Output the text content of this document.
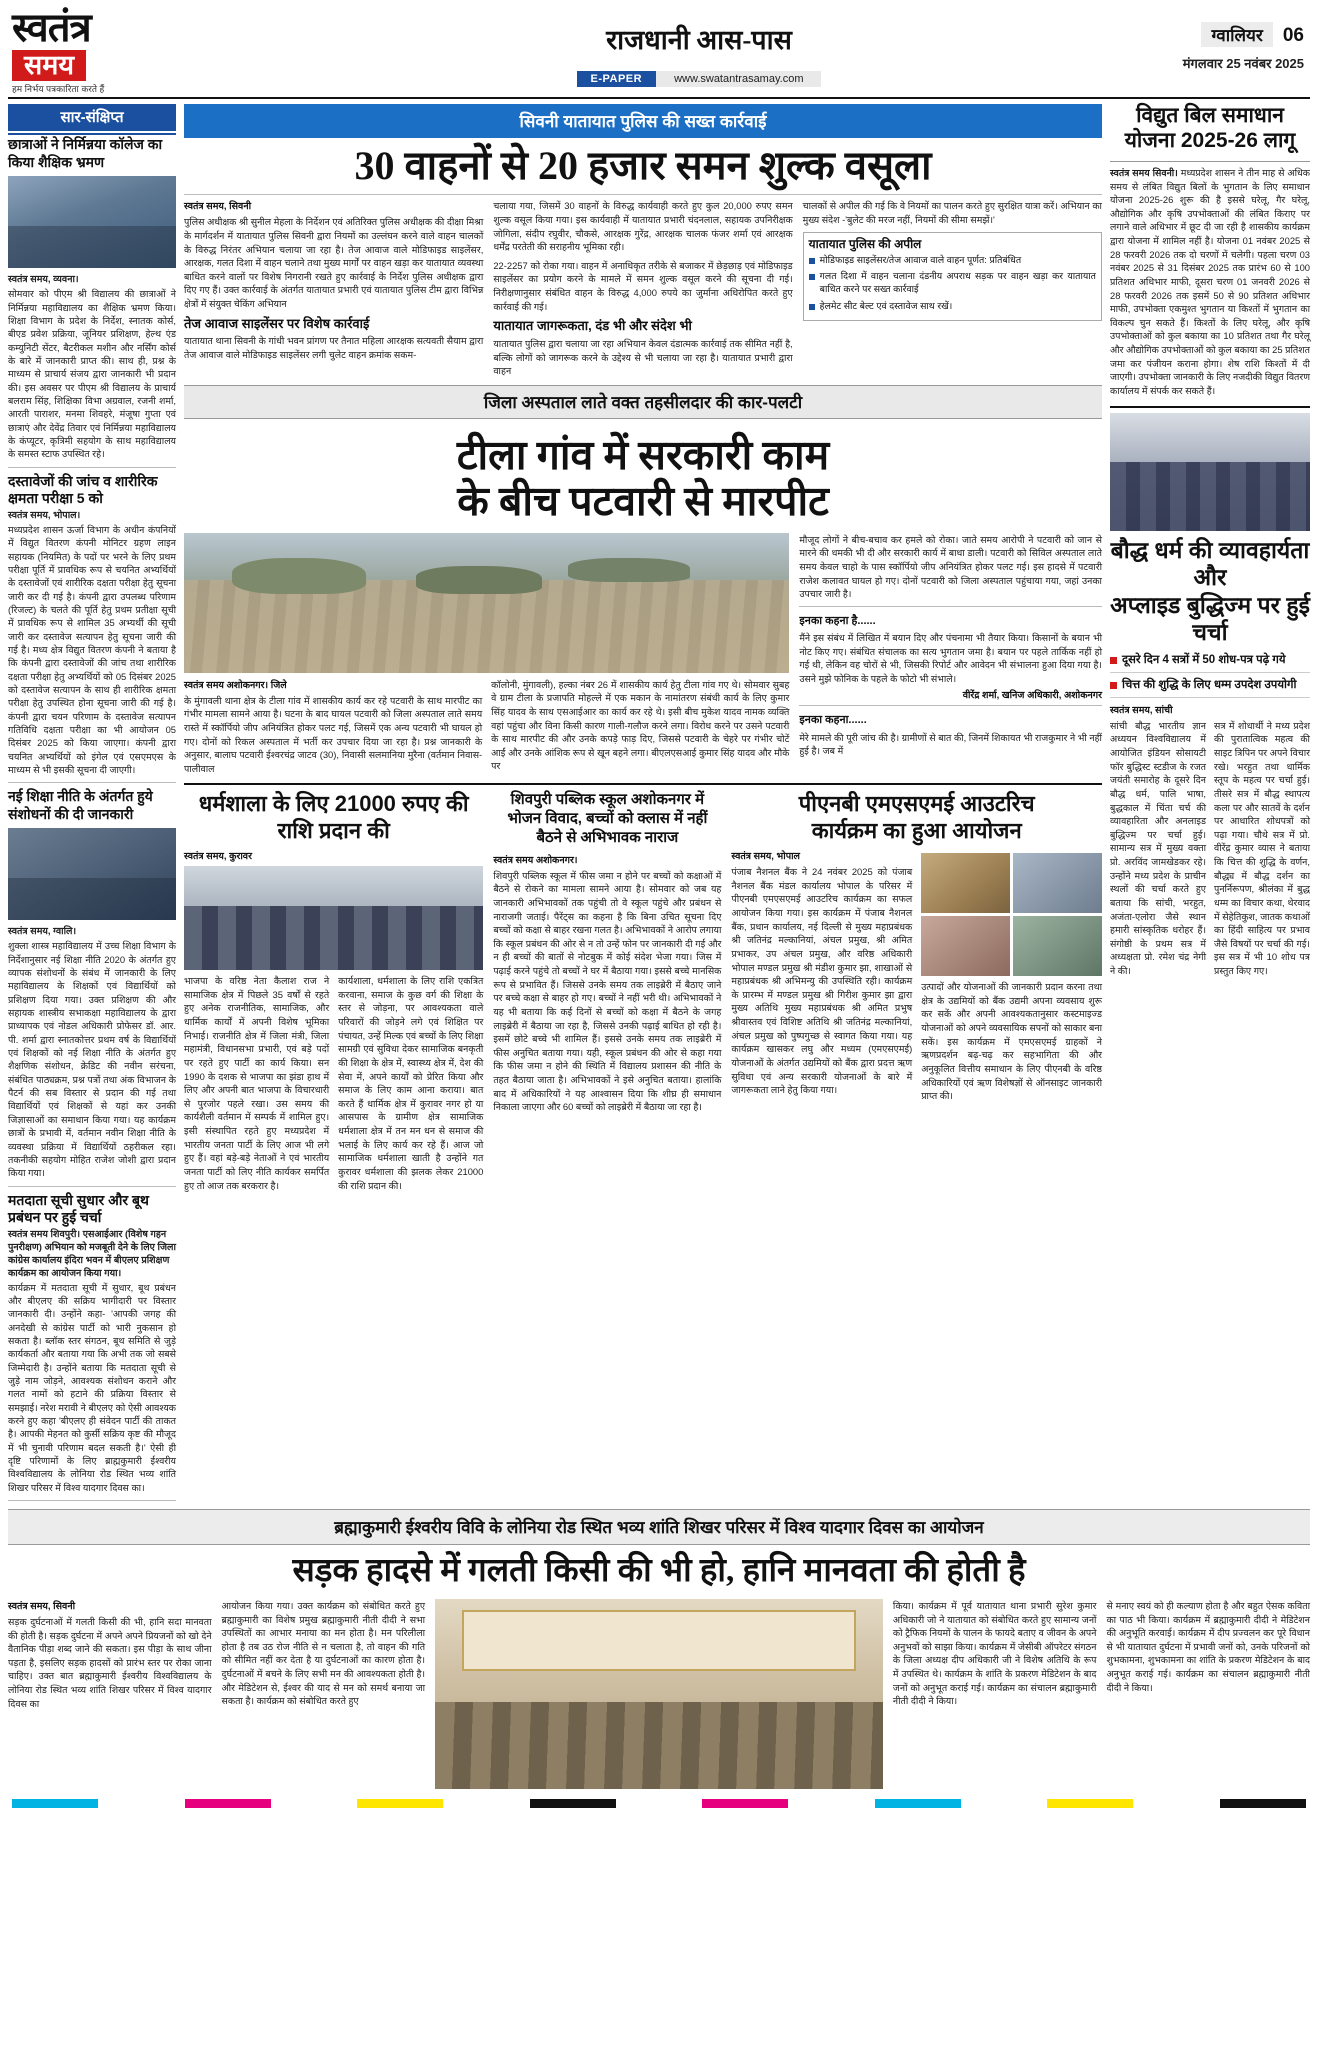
स्वतंत्र
समय
हम निर्भय पत्रकारिता करते हैं
राजधानी आस-पास
E-PAPER	www.swatantrasamay.com
ग्वालियर	06
मंगलवार 25 नवंबर 2025
सार-संक्षिप्त
छात्राओं ने निर्मिन्नया कॉलेज का किया शैक्षिक भ्रमण
स्वतंत्र समय, व्यवना।
सोमवार को पीएम श्री विद्यालय की छात्राओं ने निर्मिन्नया महाविद्यालय का शैक्षिक भ्रमण किया। शिक्षा विभाग के प्रदेश के निर्देश, स्नातक कोर्स, बीएड प्रवेश प्रक्रिया, जूनियर प्रशिक्षण, हेल्थ एंड कम्युनिटी सेंटर, बैटरीकल मशीन और नर्सिंग कोर्स के बारे में जानकारी प्राप्त की। साथ ही, प्रश्न के माध्यम से प्राचार्य संजय द्वारा जानकारी भी प्रदान की। इस अवसर पर पीएम श्री विद्यालय के प्राचार्य बलराम सिंह, शिक्षिका विभा अग्रवाल, रजनी शर्मा, आरती पाराशर, मनमा शिवहरे, मंजूषा गुप्ता एवं छात्राएं और देवेंद्र तिवार एवं निर्मिन्नया महाविद्यालय के कंप्यूटर, कृत्रिमी सहयोग के साथ महाविद्यालय के समस्त स्टाफ उपस्थित रहे।
दस्तावेजों की जांच व शारीरिक क्षमता परीक्षा 5 को
स्वतंत्र समय, भोपाल।
मध्यप्रदेश शासन ऊर्जा विभाग के अधीन कंपनियों में विद्युत वितरण कंपनी मोनिटर ग्रहण लाइन सहायक (नियमित) के पदों पर भरने के लिए प्रथम परीक्षा पूर्ति में प्रावधिक रूप से चयनित अभ्यर्थियों के दस्तावेजों एवं शारीरिक दक्षता परीक्षा हेतु सूचना जारी कर दी गई है। कंपनी द्वारा उपलब्ध परिणाम (रिजल्ट) के चलते की पूर्ति हेतु प्रथम प्रतीक्षा सूची में प्रावधिक रूप से शामिल 35 अभ्यर्थी की सूची जारी कर दस्तावेज सत्यापन हेतु सूचना जारी की गई है। मध्य क्षेत्र विद्युत वितरण कंपनी ने बताया है कि कंपनी द्वारा दस्तावेजों की जांच तथा शारीरिक दक्षता परीक्षा हेतु अभ्यर्थियों को 05 दिसंबर 2025 को दस्तावेज सत्यापन के साथ ही शारीरिक क्षमता परीक्षा हेतु उपस्थित होना सूचना जारी की गई है। कंपनी द्वारा चयन परिणाम के दस्तावेज सत्यापन गतिविधि दक्षता परीक्षा का भी आयोजन 05 दिसंबर 2025 को किया जाएगा। कंपनी द्वारा चयनित अभ्यर्थियों को इंगेल एवं एसएमएस के माध्यम से भी इसकी सूचना दी जाएगी।
नई शिक्षा नीति के अंतर्गत हुये संशोधनों की दी जानकारी
स्वतंत्र समय, ग्वालि।
शुक्ला शास्त्र महाविद्यालय में उच्च शिक्षा विभाग के निर्देशानुसार नई शिक्षा नीति 2020 के अंतर्गत हुए व्यापक संशोधनों के संबंध में जानकारी के लिए महाविद्यालय के शिक्षकों एवं विद्यार्थियों को प्रशिक्षण दिया गया। उक्त प्रशिक्षण की और सहायक शास्त्रीय सभाकक्षा महाविद्यालय के द्वारा प्राध्यापक एवं नोडल अधिकारी प्रोफेसर डॉ. आर. पी. शर्मा द्वारा स्नातकोत्तर प्रथम वर्ष के विद्यार्थियों एवं शिक्षकों को नई शिक्षा नीति के अंतर्गत हुए शैक्षणिक संशोधन, क्रेडिट की नवीन सरंचना, संबंधित पाठ्यक्रम, प्रश्न पत्रों तथा अंक विभाजन के पैटर्न की सब विस्तार से प्रदान की गई तथा विद्यार्थियों एवं शिक्षकों से यहां कर उनकी जिज्ञासाओं का समाधान किया गया। यह कार्यक्रम छात्रों के प्रभावी में, वर्तमान नवीन शिक्षा नीति के व्यवस्था प्रक्रिया में विद्यार्थियों ठहरीकल रहा। तकनीकी सहयोग मोहित राजेश जोशी द्वारा प्रदान किया गया।
मतदाता सूची सुधार और बूथ प्रबंधन पर हुई चर्चा
स्वतंत्र समय शिवपुरी। एसआईआर (विशेष गहन पुनरीक्षण) अभियान को मजबूती देने के लिए जिला कांग्रेस कार्यालय इंदिरा भवन में बीएलए प्रशिक्षण कार्यक्रम का आयोजन किया गया।
कार्यक्रम में मतदाता सूची में सुधार, बूथ प्रबंधन और बीएलए की सक्रिय भागीदारी पर विस्तार जानकारी दी। उन्होंने कहा- 'आपकी जगह की अनदेखी से कांग्रेस पार्टी को भारी नुकसान हो सकता है। ब्लॉक स्तर संगठन, बूथ समिति से जुड़े कार्यकर्ता और बताया गया कि अभी तक जो सबसे जिम्मेदारी है। उन्होंने बताया कि मतदाता सूची से जुड़े नाम जोड़ने, आवश्यक संशोधन कराने और गलत नामों को हटाने की प्रक्रिया विस्तार से समझाई। नरेश मरावी ने बीएलए को ऐसी आवश्यक करने हुए कहा 'बीएलए ही संवेदन पार्टी की ताकत है। आपकी मेहनत को कुर्सी सक्रिय कृष्ट की मौजूद में भी चुनावी परिणाम बदल सकती है।' ऐसी ही दृष्टि परिणामों के लिए ब्राह्मकुमारी ईश्वरीय विश्वविद्यालय के लोनिया रोड स्थित भव्य शांति शिखर परिसर में विश्व यादगार दिवस का।
सिवनी यातायात पुलिस की सख्त कार्रवाई
30 वाहनों से 20 हजार समन शुल्क वसूला
स्वतंत्र समय, सिवनी
पुलिस अधीक्षक श्री सुनील मेहला के निर्देशन एवं अतिरिक्त पुलिस अधीक्षक की दीक्षा मिश्रा के मार्गदर्शन में यातायात पुलिस सिवनी द्वारा नियमों का उल्लंघन करने वाले वाहन चालकों के विरुद्ध निरंतर अभियान चलाया जा रहा है। तेज आवाज वाले मोडिफाइड साइलेंसर, आरक्षक, गलत दिशा में वाहन चलाने तथा मुख्य मार्गों पर वाहन खड़ा कर यातायात व्यवस्था बाधित करने वालों पर विशेष निगरानी रखते हुए कार्रवाई के निर्देश पुलिस अधीक्षक द्वारा दिए गए हैं। उक्त कार्रवाई के अंतर्गत यातायात प्रभारी एवं यातायात पुलिस टीम द्वारा विभिन्न क्षेत्रों में संयुक्त चेकिंग अभियान
तेज आवाज साइलेंसर पर विशेष कार्रवाई
यातायात थाना सिवनी के गांधी भवन प्रांगण पर तैनात महिला आरक्षक सत्यवती सैयाम द्वारा तेज आवाज वाले मोडिफाइड साइलेंसर लगी चुलेट वाहन क्रमांक सकम-
चलाया गया, जिसमें 30 वाहनों के विरुद्ध कार्यवाही करते हुए कुल 20,000 रुपए समन शुल्क वसूल किया गया। इस कार्यवाही में यातायात प्रभारी चंदनलाल, सहायक उपनिरीक्षक जोगिला, संदीप रघुवीर, चौकसे, आरक्षक गुरेंद्र, आरक्षक चालक फंजर शर्मा एवं आरक्षक धर्मेंद्र परतेती की सराहनीय भूमिका रही।
22-2257 को रोका गया। वाहन में अनाधिकृत तरीके से बजाकर में छेड़छाड़ एवं मोडिफाइड साइलेंसर का प्रयोग करने के मामले में समन शुल्क वसूल करने की सूचना दी गई। निरीक्षणानुसार संबंधित वाहन के विरुद्ध 4,000 रुपये का जुर्माना अधिरोपित करते हुए कार्रवाई की गई।
यातायात जागरूकता, दंड भी और संदेश भी
यातायात पुलिस द्वारा चलाया जा रहा अभियान केवल दंडात्मक कार्रवाई तक सीमित नहीं है, बल्कि लोगों को जागरूक करने के उद्देश्य से भी चलाया जा रहा है। यातायात प्रभारी द्वारा वाहन
चालकों से अपील की गई कि वे नियमों का पालन करते हुए सुरक्षित यात्रा करें। अभियान का मुख्य संदेश -'बुलेट की मरज नहीं, नियमों की सीमा समझें।'
यातायात पुलिस की अपील
मोडिफाइड साइलेंसर/तेज आवाज वाले वाहन पूर्णत: प्रतिबंधित
गलत दिशा में वाहन चलाना दंडनीय अपराध सड़क पर वाहन खड़ा कर यातायात बाधित करने पर सख्त कार्रवाई
हेलमेट सीट बेल्ट एवं दस्तावेज साथ रखें।
जिला अस्पताल लाते वक्त तहसीलदार की कार-पलटी
टीला गांव में सरकारी काम
के बीच पटवारी से मारपीट
स्वतंत्र समय अशोकनगर। जिले
के मुंगावली थाना क्षेत्र के टीला गांव में शासकीय कार्य कर रहे पटवारी के साथ मारपीट का गंभीर मामला सामने आया है। घटना के बाद घायल पटवारी को जिला अस्पताल लाते समय रास्ते में स्कॉर्पियो जीप अनियंत्रित होकर पलट गई, जिसमें एक अन्य पटवारी भी घायल हो गए। दोनों को रिकल अस्पताल में भर्ती कर उपचार दिया जा रहा है। प्रश्न जानकारी के अनुसार, बालाघ पटवारी ईश्वरचंद्र जाटव (30), निवासी सलमानिया मुरैना (वर्तमान निवास-पालीवाल
कॉलोनी, मुंगावली), हल्का नंबर 26 में शासकीय कार्य हेतु टीला गांव गए थे। सोमवार सुबह वे ग्राम टीला के प्रजापति मोहल्ले में एक मकान के नामांतरण संबंधी कार्य के लिए कुमार सिंह यादव के साथ एसआईआर का कार्य कर रहे थे। इसी बीच मुकेश यादव नामक व्यक्ति वहां पहुंचा और विना किसी कारण गाली-गलौज करने लगा। विरोध करने पर उसने पटवारी के साथ मारपीट की और उनके कपड़े फाड़ दिए, जिससे पटवारी के चेहरे पर गंभीर चोटें आईं और उनके आंशिक रूप से खून बहने लगा। बीएलएसआई कुमार सिंह यादव और मौके पर
मौजूद लोगों ने बीच-बचाव कर हमले को रोका। जाते समय आरोपी ने पटवारी को जान से मारने की धमकी भी दी और सरकारी कार्य में बाधा डाली। पटवारी को सिविल अस्पताल लाते समय केवल चाहो के पास स्कॉर्पियो जीप अनियंत्रित होकर पलट गई। इस हादसे में पटवारी राजेश कलावत घायल हो गए। दोनों पटवारी को जिला अस्पताल पहुंचाया गया, जहां उनका उपचार जारी है।
इनका कहना है......
मैंने इस संबंध में लिखित में बयान दिए और पंचनामा भी तैयार किया। किसानों के बयान भी नोट किए गए। संबंधित संचालक का सत्य भुगतान जमा है। बयान पर पहले तार्किक नहीं हो गई थी, लेकिन वह चोरों से भी, जिसकी रिपोर्ट और आवेदन भी संभालना हुआ दिया गया है। उसने मुझे फोनिक के पहले के फोटो भी संभाले।
वीरेंद्र शर्मा, खनिज अधिकारी, अशोकनगर
इनका कहना......
मेरे मामले की पूरी जांच की है। ग्रामीणों से बात की, जिनमें शिकायत भी राजकुमार ने भी नहीं हुई है। जब में
धर्मशाला के लिए 21000 रुपए की राशि प्रदान की
स्वतंत्र समय, कुरावर
भाजपा के वरिष्ठ नेता कैलाश राज ने सामाजिक क्षेत्र में पिछले 35 वर्षों से रहते हुए अनेक राजनीतिक, सामाजिक, और धार्मिक कार्यों में अपनी विशेष भूमिका निभाई। राजनीति क्षेत्र में जिला मंत्री, जिला महामंत्री, विधानसभा प्रभारी, एवं बड़े पदों पर रहते हुए पार्टी का कार्य किया। सन 1990 के दशक से भाजपा का झंडा हाथ में लिए और अपनी बात भाजपा के विचारधारी से पुरजोर पहले रखा। उस समय की कार्यशैली वर्तमान में सम्पर्क में शामिल हुए। इसी संस्थापित रहते हुए मध्यप्रदेश में भारतीय जनता पार्टी के लिए आज भी लगे हुए हैं। वहां बड़े-बड़े नेताओं ने एवं भारतीय जनता पार्टी को लिए नीति कार्यकर समर्पित हुए तो आज तक बरकरार है।
कार्यशाला, धर्मशाला के लिए राशि एकत्रित करवाना, समाज के कुछ वर्ग की शिक्षा के स्तर से जोड़ना, पर आवश्यकता वाले परिवारों की जोड़ने लगे एवं शिक्षित पर पंचायत, उन्हें मिल्क एवं बच्चों के लिए शिक्षा सामग्री एवं सुविधा देकर सामाजिक बनकृती की शिक्षा के क्षेत्र में, स्वास्थ्य क्षेत्र में, देश की सेवा में, अपने कार्यों को प्रेरित किया और समाज के लिए काम आना कराया। बात करते हैं धार्मिक क्षेत्र में कुरावर नगर हो या आसपास के ग्रामीण क्षेत्र सामाजिक धर्मशाला क्षेत्र में तन मन धन से समाज की भलाई के लिए कार्य कर रहे हैं। आज जो सामाजिक धर्मशाला खाती है उन्होंने गत कुरावर धर्मशाला की झलक लेकर 21000 की राशि प्रदान की।
शिवपुरी पब्लिक स्कूल अशोकनगर में भोजन विवाद, बच्चों को क्लास में नहीं बैठने से अभिभावक नाराज
स्वतंत्र समय अशोकनगर।
शिवपुरी पब्लिक स्कूल में फीस जमा न होने पर बच्चों को कक्षाओं में बैठने से रोकने का मामला सामने आया है। सोमवार को जब यह जानकारी अभिभावकों तक पहुंची तो वे स्कूल पहुंचे और प्रबंधन से नाराजगी जताई। पैरेंट्स का कहना है कि बिना उचित सूचना दिए बच्चों को कक्षा से बाहर रखना गलत है। अभिभावकों ने आरोप लगाया कि स्कूल प्रबंधन की ओर से न तो उन्हें फोन पर जानकारी दी गई और न ही बच्चों की बातों से नोटबुक में कोई संदेश भेजा गया। जिस में पढ़ाई करने पहुंचे तो बच्चों ने घर में बैठाया गया। इससे बच्चे मानसिक रूप से प्रभावित हैं। जिससे उनके समय तक लाइब्रेरी में बैठाए जाने पर बच्चे कक्षा से बाहर हो गए। बच्चों ने नहीं भरी थी। अभिभावकों ने यह भी बताया कि कई दिनों से बच्चों को कक्षा में बैठने के जगह लाइब्रेरी में बैठाया जा रहा है, जिससे उनकी पढ़ाई बाधित हो रही है। इसमें छोटे बच्चे भी शामिल हैं। इससे उनके समय तक लाइब्रेरी में फीस अनुचित बताया गया। यही, स्कूल प्रबंधन की ओर से कहा गया कि फीस जमा न होने की स्थिति में विद्यालय प्रशासन की नीति के तहत बैठाया जाता है। अभिभावकों ने इसे अनुचित बताया। हालांकि बाद में अधिकारियों ने यह आश्वासन दिया कि शीघ्र ही समाधान निकाला जाएगा और 60 बच्चों को लाइब्रेरी में बैठाया जा रहा है।
पीएनबी एमएसएमई आउटरिच
कार्यक्रम का हुआ आयोजन
स्वतंत्र समय, भोपाल
पंजाब नैशनल बैंक ने 24 नवंबर 2025 को पंजाब नैशनल बैंक मंडल कार्यालय भोपाल के परिसर में पीएनबी एमएसएमई आउटरिच कार्यक्रम का सफल आयोजन किया गया। इस कार्यक्रम में पंजाब नैशनल बैंक, प्रधान कार्यालय, नई दिल्ली से मुख्य महाप्रबंधक श्री जतिनंद्र मल्कानियां, अंचल प्रमुख, श्री अमित प्रभाकर, उप अंचल प्रमुख, और वरिष्ठ अधिकारी भोपाल मण्डल प्रमुख श्री मंडीश कुमार झा, शाखाओं से महाप्रबंधक श्री अभिमन्यु की उपस्थिति रही। कार्यक्रम के प्रारम्भ में मण्डल प्रमुख श्री गिरीश कुमार झा द्वारा मुख्य अतिथि मुख्य महाप्रबंधक श्री अमित प्रभुष श्रीवास्तव एवं विशिष्ट अतिथि श्री जतिनंद्र मल्कानियां, अंचल प्रमुख को पुष्पगुच्छ से स्वागत किया गया। यह कार्यक्रम खासकर लघु और मध्यम (एमएसएमई) योजनाओं के अंतर्गत उद्यमियों को बैंक द्वारा प्रदत्त ऋण सुविधा एवं अन्य सरकारी योजनाओं के बारे में जागरूकता लाने हेतु किया गया।
उत्पादों और योजनाओं की जानकारी प्रदान करना तथा क्षेत्र के उद्यमियों को बैंक उद्यमी अपना व्यवसाय शुरू कर सकें और अपनी आवश्यकतानुसार कस्टमाइज्ड योजनाओं को अपने व्यवसायिक सपनों को साकार बना सकें। इस कार्यक्रम में एमएसएमई ग्राहकों ने ऋणप्रदर्शन बढ़-चढ़ कर सहभागिता की और अनुकूलित वित्तीय समाधान के लिए पीएनबी के वरिष्ठ अधिकारियों एवं ऋण विशेषज्ञों से ऑनसाइट जानकारी प्राप्त की।
विद्युत बिल समाधान
योजना 2025-26 लागू
स्वतंत्र समय सिवनी। मध्यप्रदेश शासन ने तीन माह से अधिक समय से लंबित विद्युत बिलों के भुगतान के लिए समाधान योजना 2025-26 शुरू की है इससे घरेलू, गैर घरेलू, औद्योगिक और कृषि उपभोक्ताओं की लंबित किराए पर लगाने वाले अधिभार में छूट दी जा रही है शासकीय कार्यक्रम द्वारा योजना में शामिल नहीं है। योजना 01 नवंबर 2025 से 28 फरवरी 2026 तक दो चरणों में चलेगी। पहला चरण 03 नवंबर 2025 से 31 दिसंबर 2025 तक प्रारंभ 60 से 100 प्रतिशत अधिभार माफी, दूसरा चरण 01 जनवरी 2026 से 28 फरवरी 2026 तक इसमें 50 से 90 प्रतिशत अधिभार माफी, उपभोक्ता एकमुश्त भुगतान या किश्तों में भुगतान का विकल्प चुन सकते हैं। किश्तों के लिए घरेलू, और कृषि उपभोक्ताओं को कुल बकाया का 10 प्रतिशत तथा गैर घरेलू और औद्योगिक उपभोक्ताओं को कुल बकाया का 25 प्रतिशत जमा कर पंजीयन कराना होगा। शेष राशि किश्तों में दी जाएगी। उपभोक्ता जानकारी के लिए नजदीकी विद्युत वितरण कार्यालय में संपर्क कर सकते हैं।
बौद्ध धर्म की व्यावहार्यता और
अप्लाइड बुद्धिज्म पर हुई चर्चा
दूसरे दिन 4 सत्रों में 50 शोध-पत्र पढ़े गये
चित्त की शुद्धि के लिए धम्म उपदेश उपयोगी
स्वतंत्र समय, सांची
सांची बौद्ध भारतीय ज्ञान अध्ययन विश्वविद्यालय में आयोजित इंडियन सोसायटी फॉर बुद्धिस्ट स्टडीज के रजत जयंती समारोह के दूसरे दिन बौद्ध धर्म, पालि भाषा, बुद्धकाल में चिंता चर्च की व्यावहारिता और अनलाइड बुद्धिज्म पर चर्चा हुई। सामान्य सत्र में मुख्य वक्ता प्रो. अरविंद जामखेडकर रहे। उन्होंने मध्य प्रदेश के प्राचीन स्थलों की चर्चा करते हुए बताया कि सांची, भरहुत, अजंता-एलोरा जैसे स्थान हमारी सांस्कृतिक धरोहर हैं। संगोष्ठी के प्रथम सत्र में अध्यक्षता प्रो. रमेश चंद्र नेगी ने की।
सत्र में शोधार्थी ने मध्य प्रदेश की पुरातात्विक महत्व की साइट त्रिपिन पर अपने विचार रखे। भरहुत तथा धार्मिक स्तूप के महत्व पर चर्चा हुई। तीसरे सत्र में बौद्ध स्थापत्य कला पर और सातवें के दर्शन पर आधारित शोधपत्रों को पढ़ा गया। चौथे सत्र में प्रो. वीरेंद्र कुमार व्यास ने बताया कि चित्त की शुद्धि के वर्णन, बौद्ध्य में बौद्ध दर्शन का पुनर्निरूपण, श्रीलंका में बुद्ध धम्म का विचार कथा, थेरवाद में सेहेतिकुश, जातक कथाओं का हिंदी साहित्य पर प्रभाव जैसे विषयों पर चर्चा की गई। इस सत्र में भी 10 शोध पत्र प्रस्तुत किए गए।
ब्रह्माकुमारी ईश्वरीय विवि के लोनिया रोड स्थित भव्य शांति शिखर परिसर में विश्व यादगार दिवस का आयोजन
सड़क हादसे में गलती किसी की भी हो, हानि मानवता की होती है
स्वतंत्र समय, सिवनी
सड़क दुर्घटनाओं में गलती किसी की भी, हानि सदा मानवता की होती है। सड़क दुर्घटना में अपने अपने प्रियजनों को खो देने वैतानिक पीड़ा शब्द जाने की सकता। इस पीड़ा के साथ जीना पड़ता है, इसलिए सड़क हादसों को प्रारंभ स्तर पर रोका जाना चाहिए। उक्त बात ब्रह्माकुमारी ईश्वरीय विश्वविद्यालय के लोनिया रोड स्थित भव्य शांति शिखर परिसर में विश्व यादगार दिवस का
आयोजन किया गया। उक्त कार्यक्रम को संबोधित करते हुए ब्रह्माकुमारी का विशेष प्रमुख ब्रह्माकुमारी नीती दीदी ने सभा उपस्थितों का आभार मनाया का मन होता है। मन परिलीला होता है तब उठ रोज नीति से न चलाता है, तो वाहन की गति को सीमित नहीं कर देता है या दुर्घटनाओं का कारण होता है। दुर्घटनाओं में बचने के लिए सभी मन की आवश्यकता होती है। और मेडिटेशन से, ईश्वर की याद से मन को समर्थ बनाया जा सकता है। कार्यक्रम को संबोधित करते हुए
किया। कार्यक्रम में पूर्व यातायात थाना प्रभारी सुरेश कुमार अधिकारी जो ने यातायात को संबोधित करते हुए सामान्य जनों को ट्रैफिक नियमों के पालन के फायदे बताए व जीवन के अपने अनुभवों को साझा किया। कार्यक्रम में जेसीबी ऑपरेटर संगठन के जिला अध्यक्ष दीप अधिकारी जी ने विशेष अतिथि के रूप में उपस्थित थे। कार्यक्रम के शांति के प्रकरण मेडिटेशन के बाद जनों को अनुभूत कराई गई। कार्यक्रम का संचालन ब्रह्माकुमारी नीती दीदी ने किया।
से मनाए स्वयं को ही कल्याण होता है और बहुत ऐसक कविता का पाठ भी किया। कार्यक्रम में ब्रह्माकुमारी दीदी ने मेडिटेशन की अनुभूति करवाई। कार्यक्रम में दीप प्रज्वलन कर पूरे विधान से भी यातायात दुर्घटना में प्रभावी जनों को, उनके परिजनों को शुभकामना, शुभकामना का शांति के प्रकरण मेडिटेशन के बाद अनुभूत कराई गई। कार्यक्रम का संचालन ब्रह्माकुमारी नीती दीदी ने किया।
